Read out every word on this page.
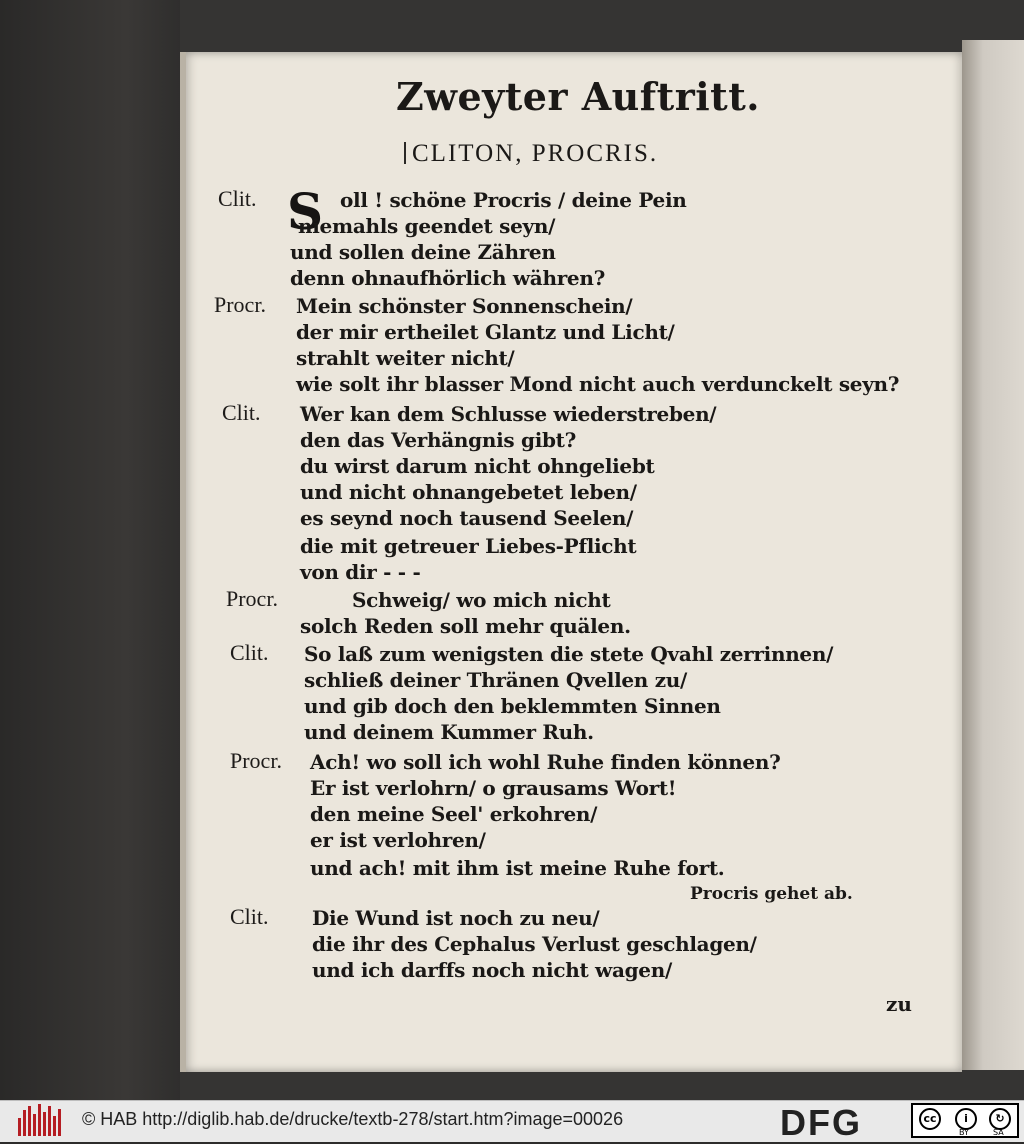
Zweyter Auftritt.
CLITON, PROCRIS.
S
Clit.	oll ! schöne Procris / deine Pein
niemahls geendet seyn/
und sollen deine Zähren
denn ohnaufhörlich währen?
Procr. Mein schönster Sonnenschein/
der mir ertheilet Glantz und Licht/
strahlt weiter nicht/
wie solt ihr blasser Mond nicht auch verdunckelt seyn?
Clit. Wer kan dem Schlusse wiederstreben/
den das Verhängnis gibt?
du wirst darum nicht ohngeliebt
und nicht ohnangebetet leben/
es seynd noch tausend Seelen/
die mit getreuer Liebes-Pflicht
von dir - - -
Procr.	Schweig/ wo mich nicht
solch Reden soll mehr quälen.
Clit. So laß zum wenigsten die stete Qvahl zerrinnen/
schließ deiner Thränen Qvellen zu/
und gib doch den beklemmten Sinnen
und deinem Kummer Ruh.
Procr. Ach! wo soll ich wohl Ruhe finden können?
Er ist verlohrn/ o grausams Wort!
den meine Seel' erkohren/
er ist verlohren/
und ach! mit ihm ist meine Ruhe fort.
Clit. Die Wund ist noch zu neu/
die ihr des Cephalus Verlust geschlagen/
und ich darffs noch nicht wagen/
Procris gehet ab.
zu
© HAB http://diglib.hab.de/drucke/textb-278/start.htm?image=00026	DFG	cc	i	↻
BY	SA
